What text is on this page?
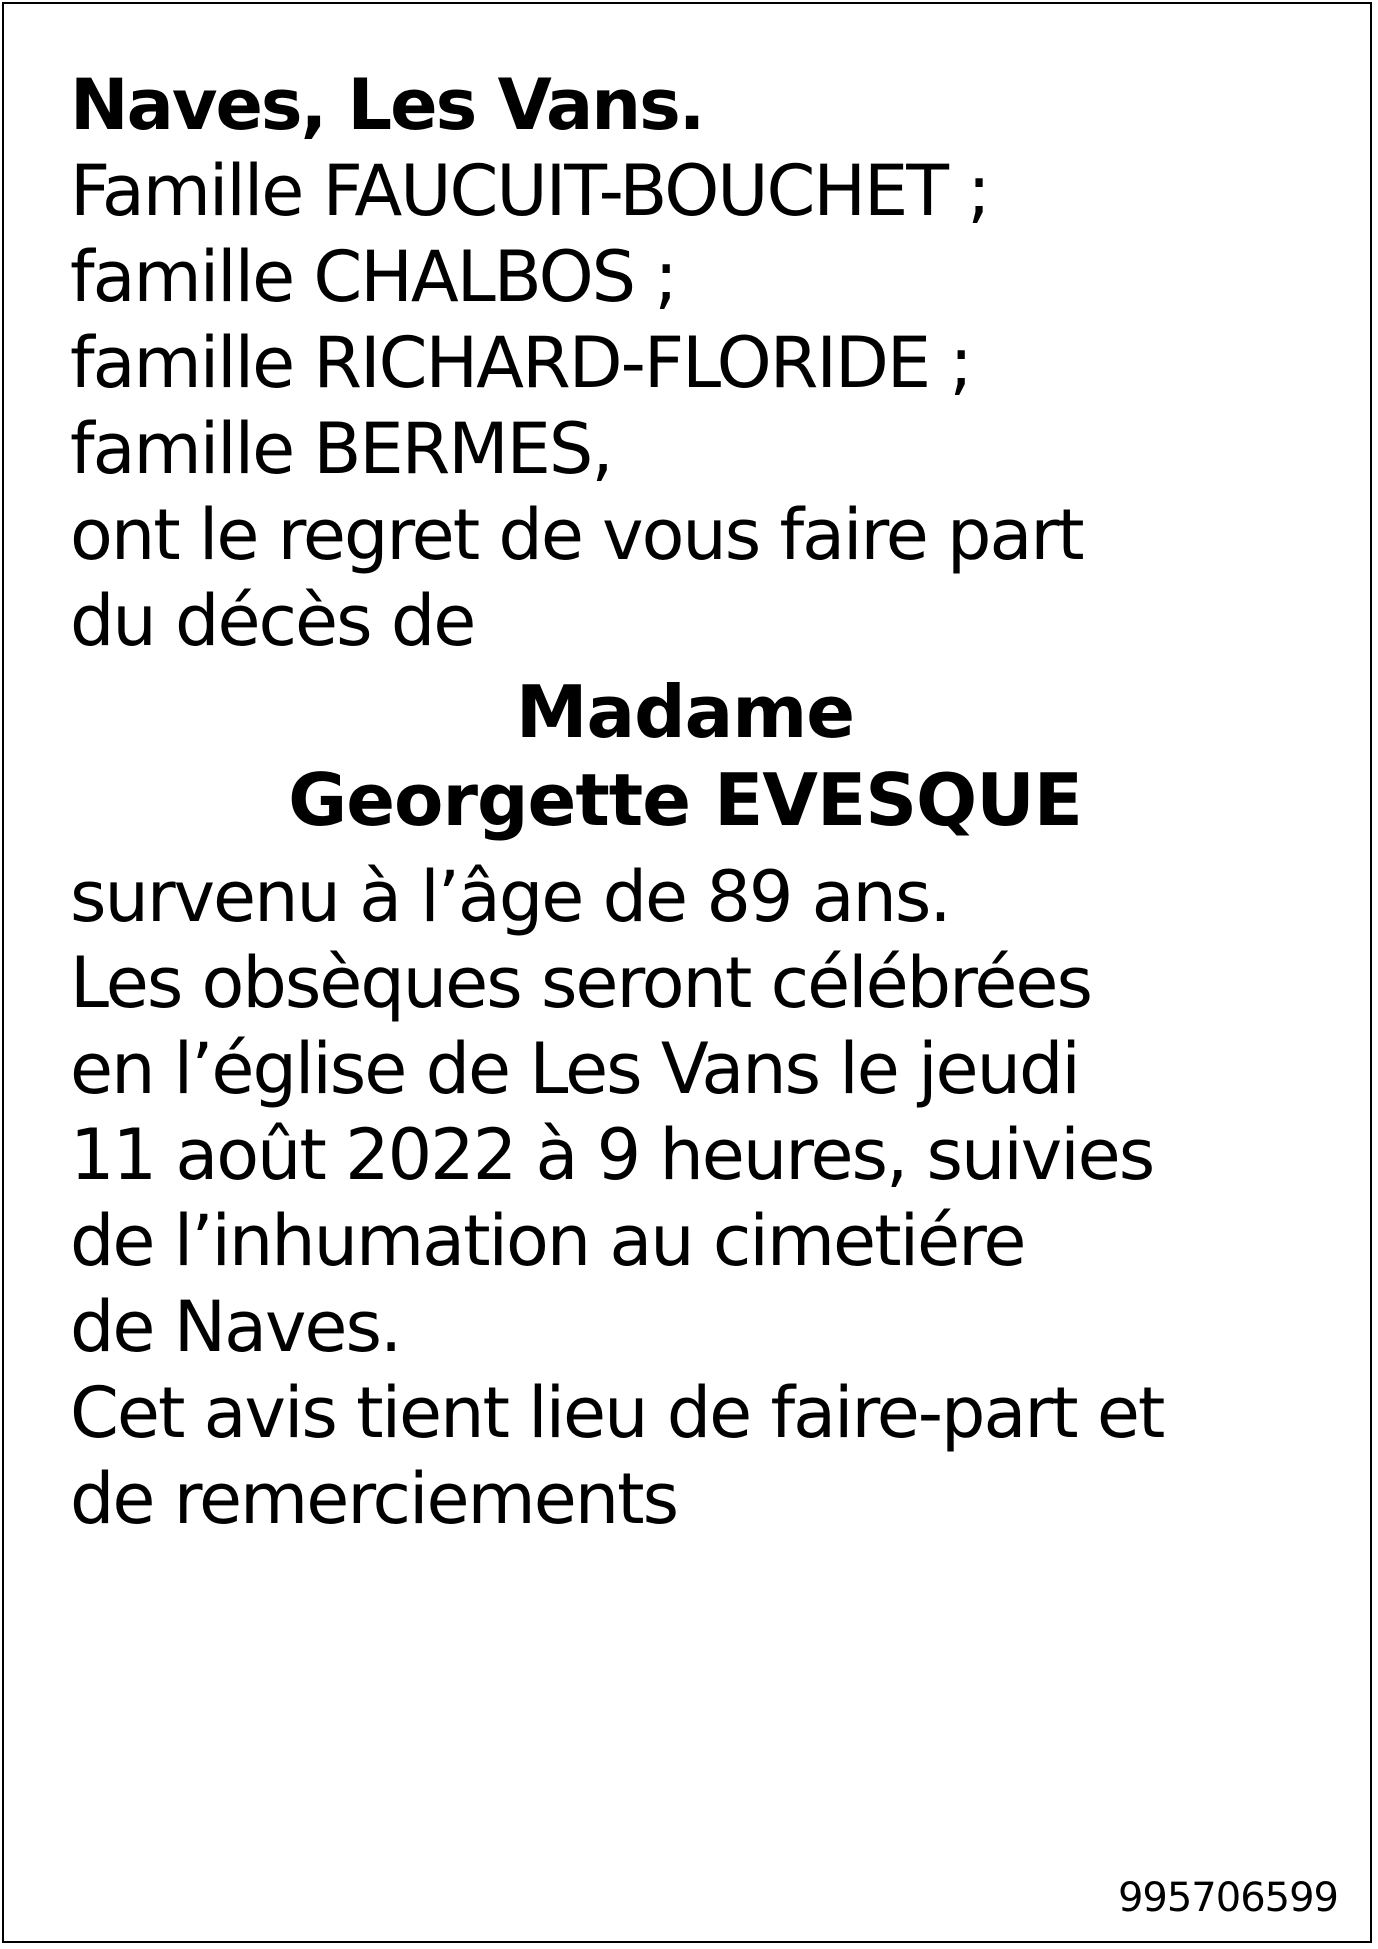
Naves, Les Vans.
Famille FAUCUIT-BOUCHET ;
famille CHALBOS ;
famille RICHARD-FLORIDE ;
famille BERMES,
ont le regret de vous faire part
du décès de
Madame
Georgette EVESQUE
survenu à l’âge de 89 ans.
Les obsèques seront célébrées
en l’église de Les Vans le jeudi
11 août 2022 à 9 heures, suivies
de l’inhumation au cimetiére
de Naves.
Cet avis tient lieu de faire-part et
de remerciements
995706599
